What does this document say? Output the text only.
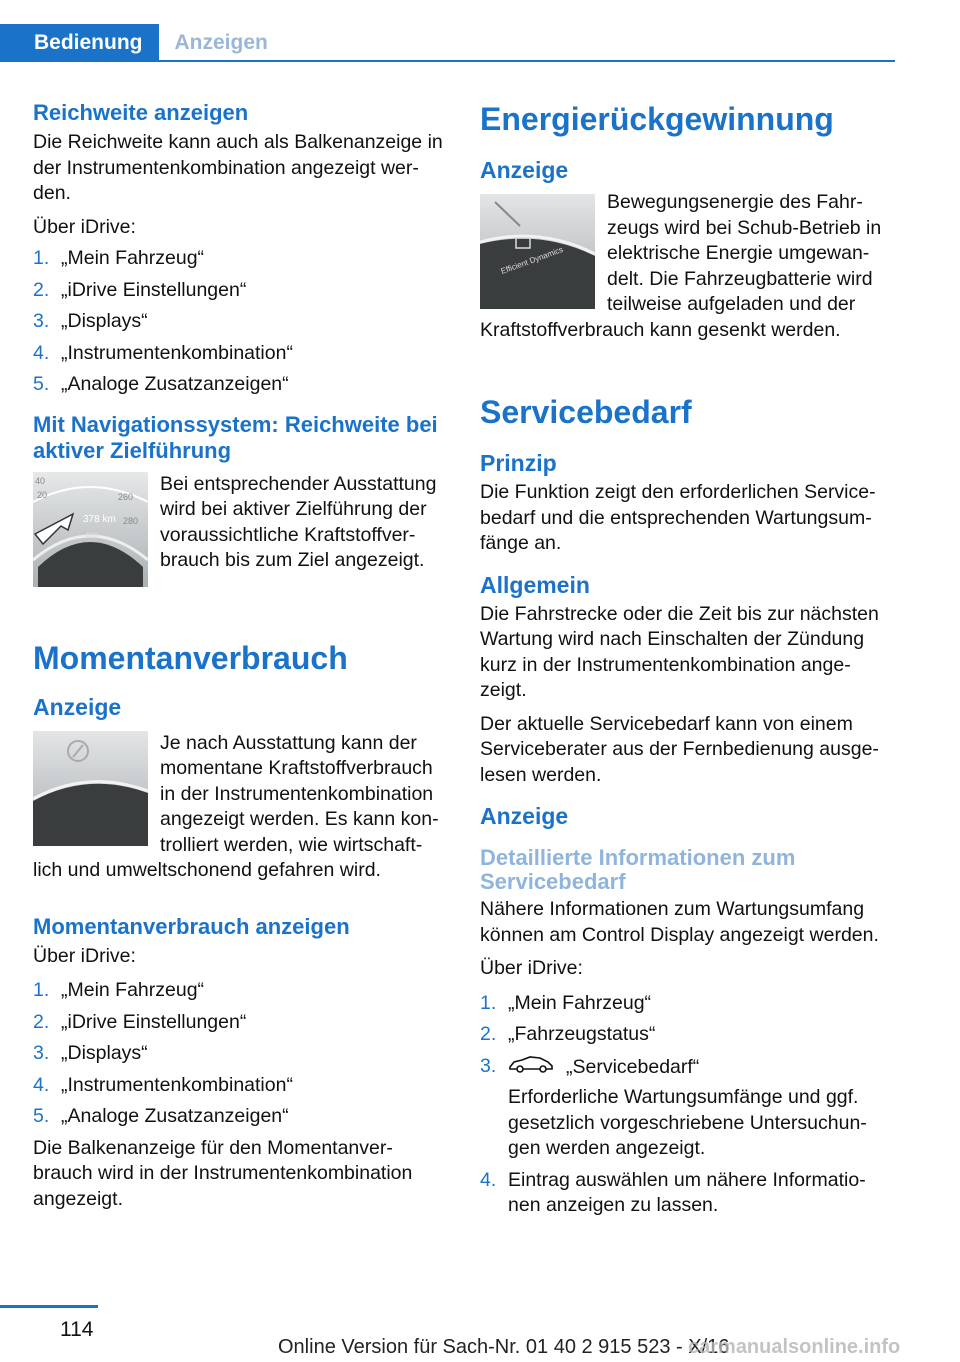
Bedienung	Anzeigen
Reichweite anzeigen

Die Reichweite kann auch als Balkenanzeige in der Instrumentenkombination angezeigt wer-den.

Über iDrive:

1. „Mein Fahrzeug“
2. „iDrive Einstellungen“
3. „Displays“
4. „Instrumentenkombination“
5. „Analoge Zusatzanzeigen“
Mit Navigationssystem: Reichweite bei aktiver Zielführung
40
20	260
280
378 km
400

Bei entsprechender Ausstattung wird bei aktiver Zielführung der voraussichtliche Kraftstoffver-brauch bis zum Ziel angezeigt.

Momentanverbrauch
Anzeige

Je nach Ausstattung kann der momentane Kraftstoffverbrauch in der Instrumentenkombination angezeigt werden. Es kann kon-trolliert werden, wie wirtschaft-lich und umweltschonend gefahren wird.

Momentanverbrauch anzeigen

Über iDrive:

1. „Mein Fahrzeug“
2. „iDrive Einstellungen“
3. „Displays“
4. „Instrumentenkombination“
5. „Analoge Zusatzanzeigen“

Die Balkenanzeige für den Momentanver-brauch wird in der Instrumentenkombination angezeigt.

Energierückgewinnung
Anzeige
Efficient Dynamics

Bewegungsenergie des Fahr-zeugs wird bei Schub-Betrieb in elektrische Energie umgewan-delt. Die Fahrzeugbatterie wird teilweise aufgeladen und der Kraftstoffverbrauch kann gesenkt werden.

Servicebedarf
Prinzip

Die Funktion zeigt den erforderlichen Service-bedarf und die entsprechenden Wartungsum-fänge an.

Allgemein

Die Fahrstrecke oder die Zeit bis zur nächsten Wartung wird nach Einschalten der Zündung kurz in der Instrumentenkombination ange-zeigt.

Der aktuelle Servicebedarf kann von einem Serviceberater aus der Fernbedienung ausge-lesen werden.

Anzeige
Detaillierte Informationen zum Servicebedarf

Nähere Informationen zum Wartungsumfang können am Control Display angezeigt werden.

Über iDrive:

1. „Mein Fahrzeug“
2. „Fahrzeugstatus“
3.	„Servicebedarf“
Erforderliche Wartungsumfänge und ggf. gesetzlich vorgeschriebene Untersuchun-gen werden angezeigt.
4. Eintrag auswählen um nähere Informatio-nen anzeigen zu lassen.
114
Online Version für Sach-Nr. 01 40 2 915 523 - X/16
carmanualsonline.info
